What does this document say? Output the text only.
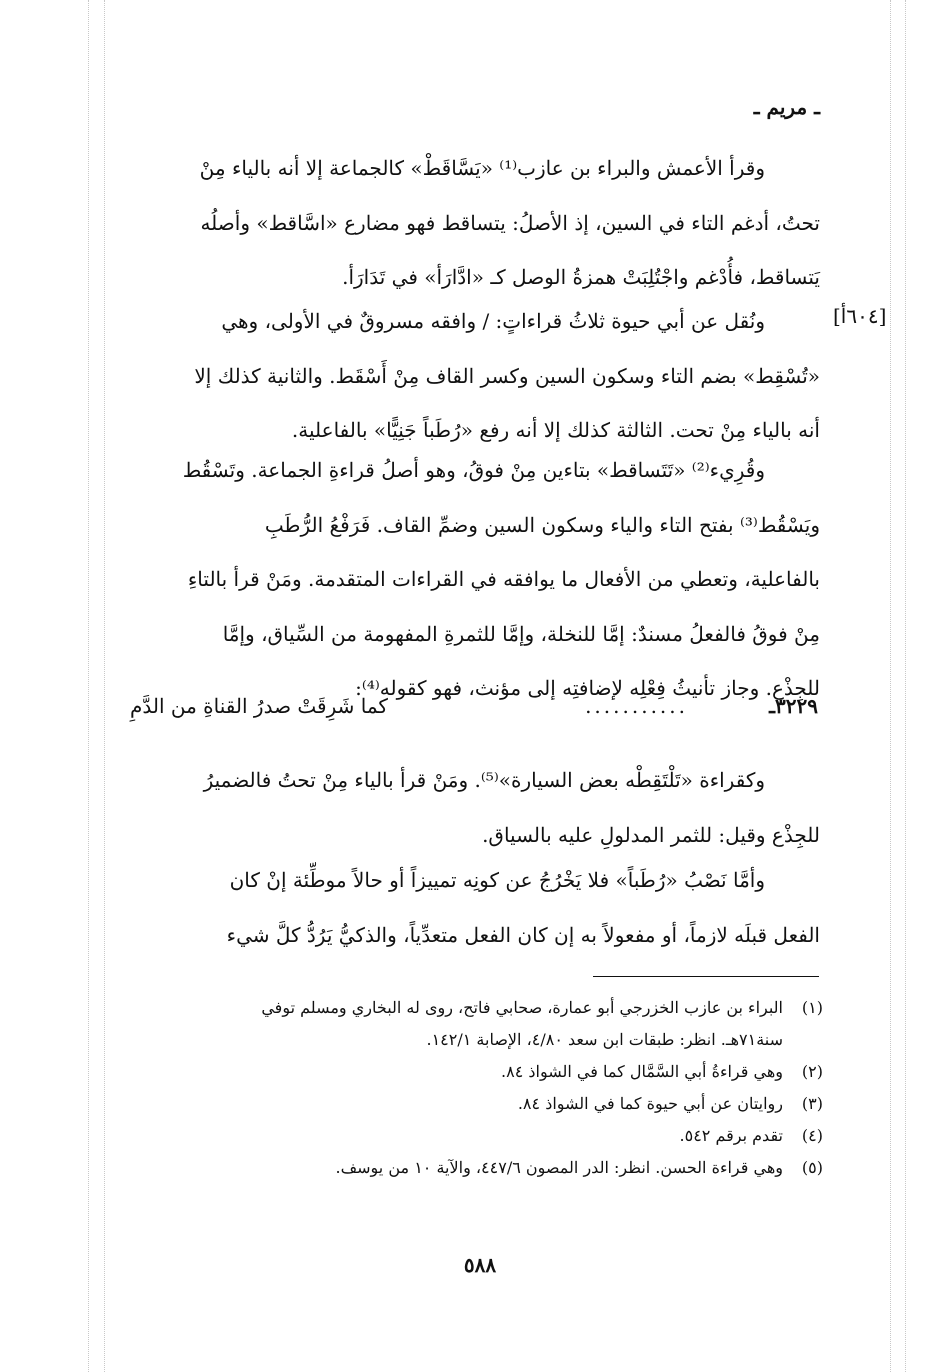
ـ مريم ـ

وقرأ الأعمش والبراء بن عازب⁽¹⁾ «يَسَّاقَطْ» كالجماعة إلا أنه بالياء مِنْ

تحتُ، أدغم التاء في السين، إذ الأصلُ: يتساقط فهو مضارع «اسَّاقط» وأصلُه

يَتساقط، فأُدْغم واجْتُلِبَتْ همزةُ الوصل كـ «ادَّارَأ» في تَدَارَأ.

[٦٠٤أ]

ونُقل عن أبي حيوة ثلاثُ قراءاتٍ: / وافقه مسروقٌ في الأولى، وهي

«تُسْقِط» بضم التاء وسكون السين وكسر القاف مِنْ أَسْقَط. والثانية كذلك إلا

أنه بالياء مِنْ تحت. الثالثة كذلك إلا أنه رفع «رُطَباً جَنِيًّا» بالفاعلية.

وقُرِيء⁽²⁾ «تَتَساقط» بتاءين مِنْ فوقُ، وهو أصلُ قراءةِ الجماعة. وتَسْقُط

ويَسْقُط⁽³⁾ بفتح التاء والياء وسكون السين وضمِّ القاف. فَرَفْعُ الرُّطَبِ

بالفاعلية، وتعطي من الأفعال ما يوافقه في القراءات المتقدمة. ومَنْ قرأ بالتاءِ

مِنْ فوقُ فالفعلُ مسندٌ: إمَّا للنخلة، وإمَّا للثمرةِ المفهومة من السِّياق، وإمَّا

للجِذْع. وجاز تأنيثُ فِعْلِه لإضافتِه إلى مؤنث، فهو كقوله⁽⁴⁾:

٣٢٢٩ـ
...........
كما شَرِقَتْ صدرُ القناةِ من الدَّمِ

وكقراءة «تَلْتَقِطْه بعض السيارة»⁽⁵⁾. ومَنْ قرأ بالياء مِنْ تحتُ فالضميرُ

للجِذْع وقيل: للثمر المدلولِ عليه بالسياق.

وأمَّا نَصْبُ «رُطَباً» فلا يَخْرُجُ عن كونِه تمييزاً أو حالاً موطِّئة إنْ كان

الفعل قبلَه لازماً، أو مفعولاً به إن كان الفعل متعدِّياً، والذكيُّ يَرُدُّ كلَّ شيء

(١)
البراء بن عازب الخزرجي أبو عمارة، صحابي فاتح، روى له البخاري ومسلم توفي
سنة٧١هـ. انظر: طبقات ابن سعد ٤/٨٠، الإصابة ١٤٢/١.
(٢)
وهي قراءةُ أبي السَّمَّال كما في الشواذ ٨٤.
(٣)
روايتان عن أبي حيوة كما في الشواذ ٨٤.
(٤)
تقدم برقم ٥٤٢.
(٥)
وهي قراءة الحسن. انظر: الدر المصون ٤٤٧/٦، والآية ١٠ من يوسف.
٥٨٨
